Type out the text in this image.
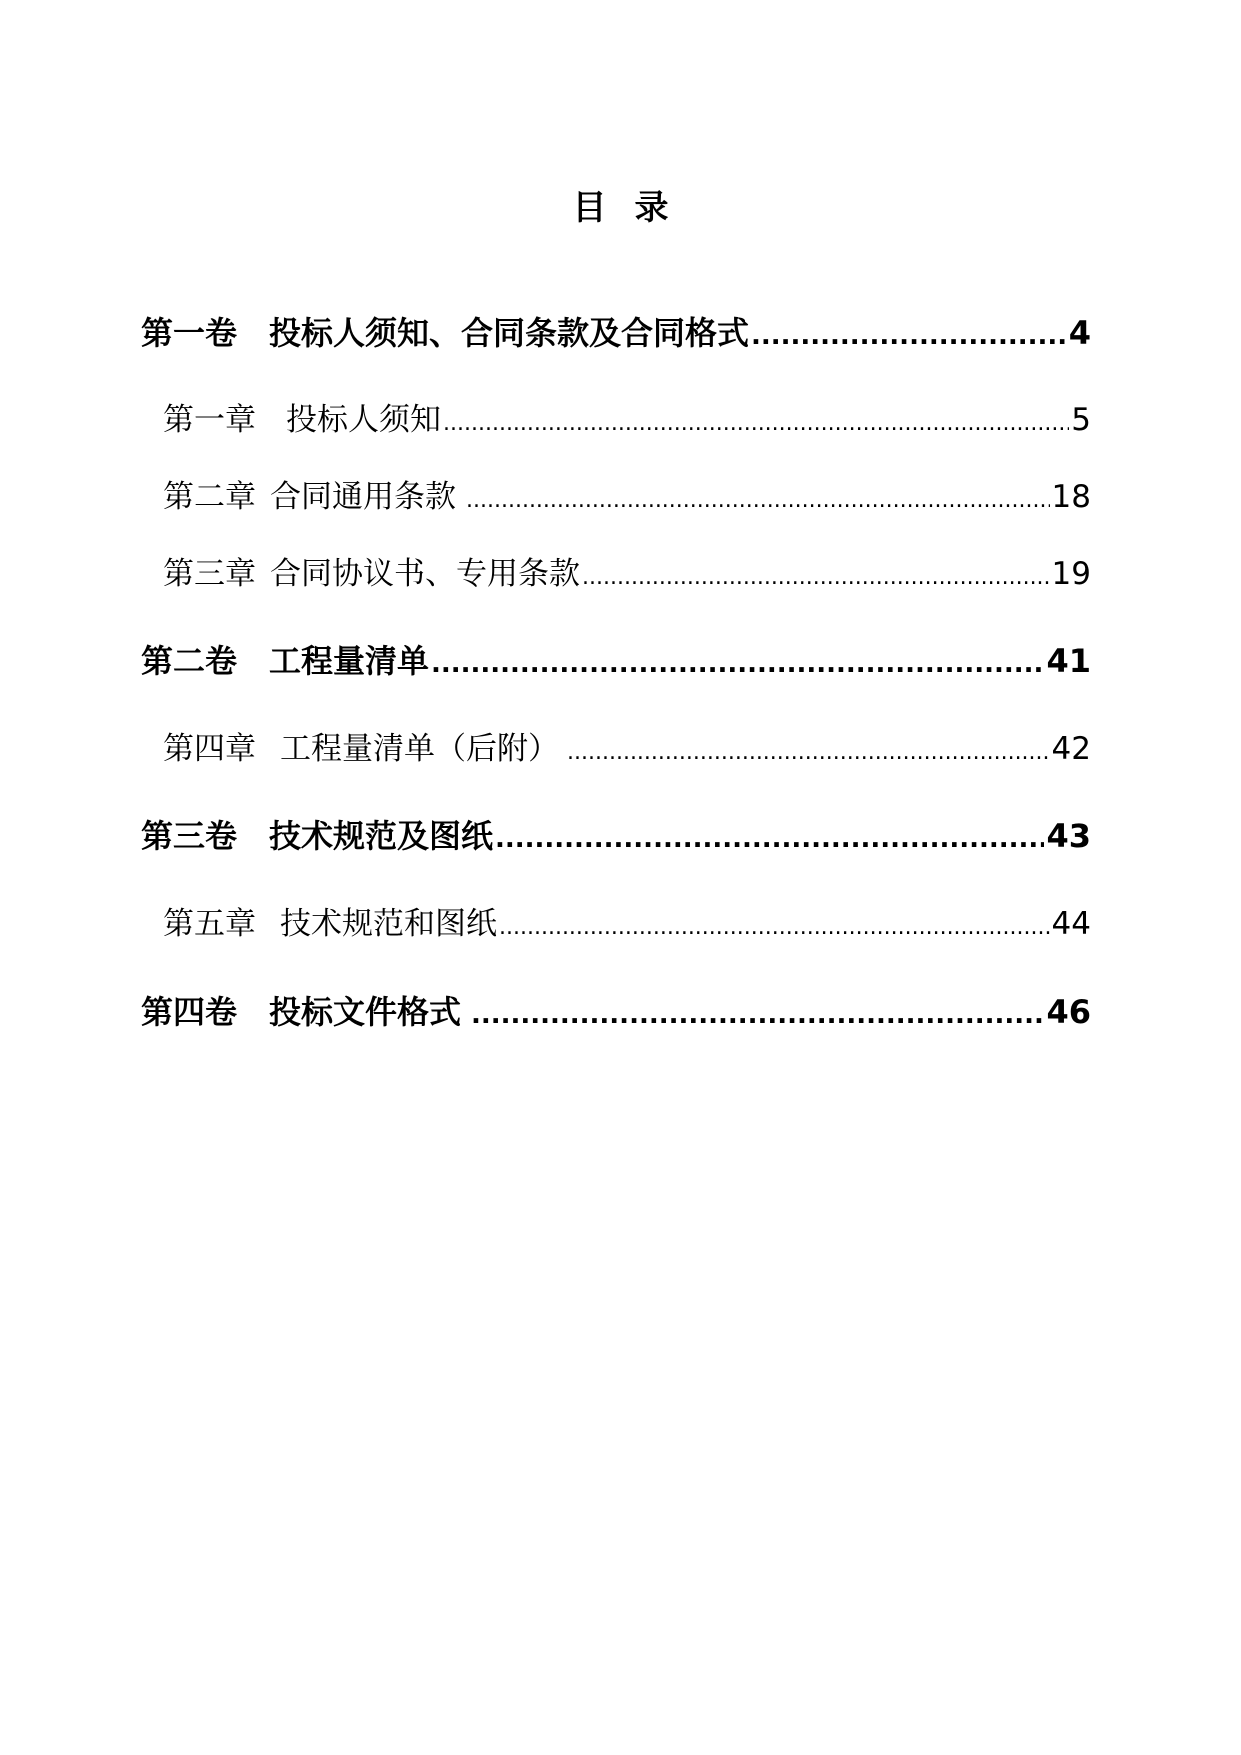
目录
第一卷 投标人须知、合同条款及合同格式 .....	4
第一章 投标人须知 .....	5
第二章 合同通用条款 .....	18
第三章 合同协议书、专用条款 .....	19
第二卷 工程量清单 .....	41
第四章 工程量清单（后附） .....	42
第三卷 技术规范及图纸 .....	43
第五章 技术规范和图纸 .....	44
第四卷 投标文件格式 .....	46
